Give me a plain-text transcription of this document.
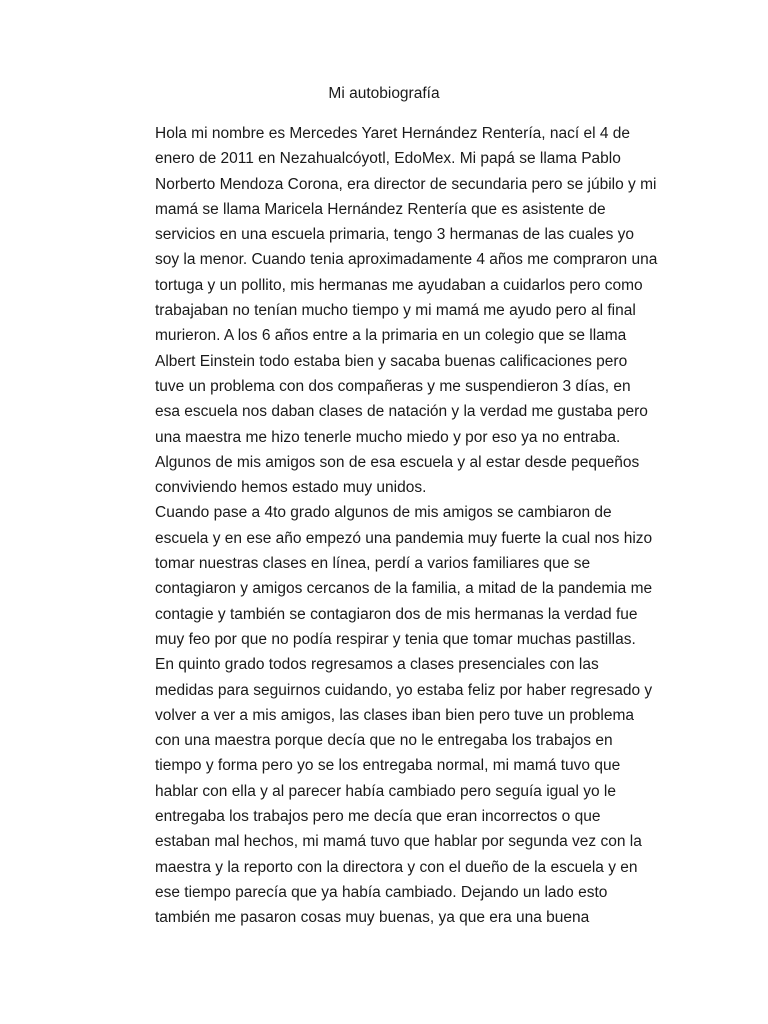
Mi autobiografía
Hola mi nombre es Mercedes Yaret Hernández Rentería, nací el 4 de
enero de 2011 en Nezahualcóyotl, EdoMex. Mi papá se llama Pablo
Norberto Mendoza Corona, era director de secundaria pero se júbilo y mi
mamá se llama Maricela Hernández Rentería que es asistente de
servicios en una escuela primaria, tengo 3 hermanas de las cuales yo
soy la menor. Cuando tenia aproximadamente 4 años me compraron una
tortuga y un pollito, mis hermanas me ayudaban a cuidarlos pero como
trabajaban no tenían mucho tiempo y mi mamá me ayudo pero al final
murieron. A los 6 años entre a la primaria en un colegio que se llama
Albert Einstein todo estaba bien y sacaba buenas calificaciones pero
tuve un problema con dos compañeras y me suspendieron 3 días, en
esa escuela nos daban clases de natación y la verdad me gustaba pero
una maestra me hizo tenerle mucho miedo y por eso ya no entraba.
Algunos de mis amigos son de esa escuela y al estar desde pequeños
conviviendo hemos estado muy unidos.
Cuando pase a 4to grado algunos de mis amigos se cambiaron de
escuela y en ese año empezó una pandemia muy fuerte la cual nos hizo
tomar nuestras clases en línea, perdí a varios familiares que se
contagiaron y amigos cercanos de la familia, a mitad de la pandemia me
contagie y también se contagiaron dos de mis hermanas la verdad fue
muy feo por que no podía respirar y tenia que tomar muchas pastillas.
En quinto grado todos regresamos a clases presenciales con las
medidas para seguirnos cuidando, yo estaba feliz por haber regresado y
volver a ver a mis amigos, las clases iban bien pero tuve un problema
con una maestra porque decía que no le entregaba los trabajos en
tiempo y forma pero yo se los entregaba normal, mi mamá tuvo que
hablar con ella y al parecer había cambiado pero seguía igual yo le
entregaba los trabajos pero me decía que eran incorrectos o que
estaban mal hechos, mi mamá tuvo que hablar por segunda vez con la
maestra y la reporto con la directora y con el dueño de la escuela y en
ese tiempo parecía que ya había cambiado. Dejando un lado esto
también me pasaron cosas muy buenas, ya que era una buena
